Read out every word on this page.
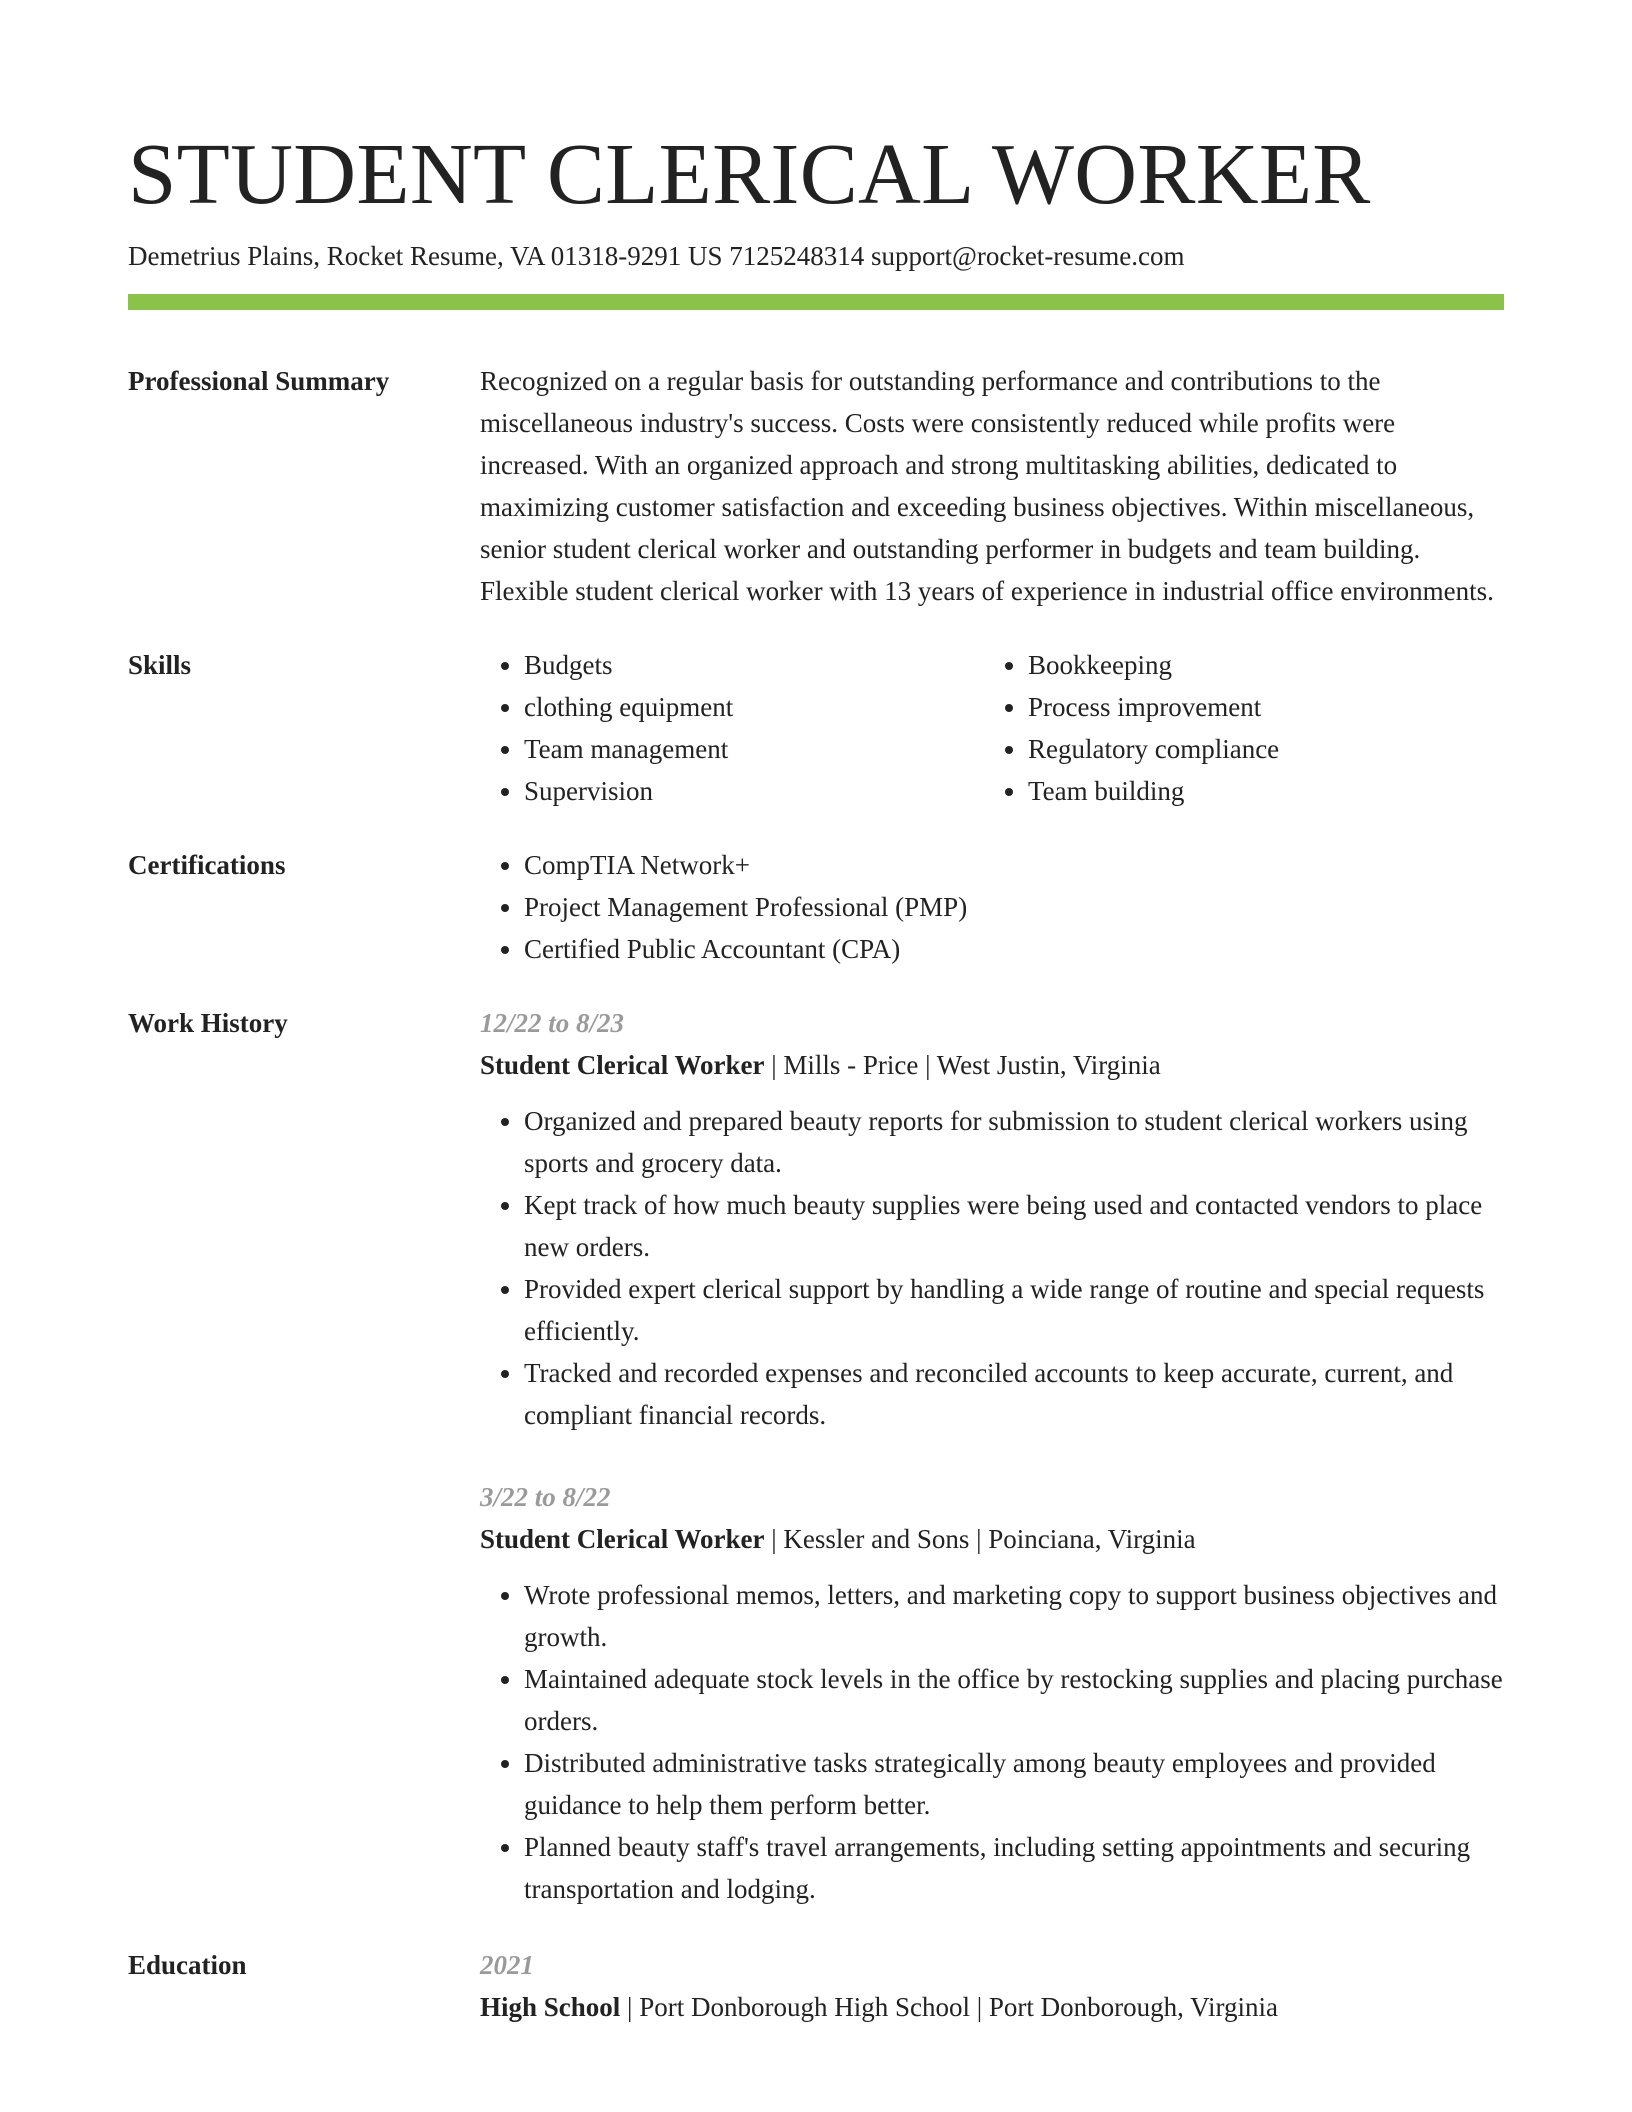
STUDENT CLERICAL WORKER
Demetrius Plains, Rocket Resume, VA 01318-9291 US 7125248314 support@rocket-resume.com
Professional Summary	Recognized on a regular basis for outstanding performance and contributions to the miscellaneous industry's success. Costs were consistently reduced while profits were increased. With an organized approach and strong multitasking abilities, dedicated to maximizing customer satisfaction and exceeding business objectives. Within miscellaneous, senior student clerical worker and outstanding performer in budgets and team building. Flexible student clerical worker with 13 years of experience in industrial office environments.
Skills	• Budgets
• clothing equipment
• Team management
• Supervision
• Bookkeeping
• Process improvement
• Regulatory compliance
• Team building
Certifications	• CompTIA Network+
• Project Management Professional (PMP)
• Certified Public Accountant (CPA)
Work History	12/22 to 8/23
Student Clerical Worker | Mills - Price | West Justin, Virginia
• Organized and prepared beauty reports for submission to student clerical workers using sports and grocery data.
• Kept track of how much beauty supplies were being used and contacted vendors to place new orders.
• Provided expert clerical support by handling a wide range of routine and special requests efficiently.
• Tracked and recorded expenses and reconciled accounts to keep accurate, current, and compliant financial records.
3/22 to 8/22
Student Clerical Worker | Kessler and Sons | Poinciana, Virginia
• Wrote professional memos, letters, and marketing copy to support business objectives and growth.
• Maintained adequate stock levels in the office by restocking supplies and placing purchase orders.
• Distributed administrative tasks strategically among beauty employees and provided guidance to help them perform better.
• Planned beauty staff's travel arrangements, including setting appointments and securing transportation and lodging.
Education	2021
High School | Port Donborough High School | Port Donborough, Virginia
